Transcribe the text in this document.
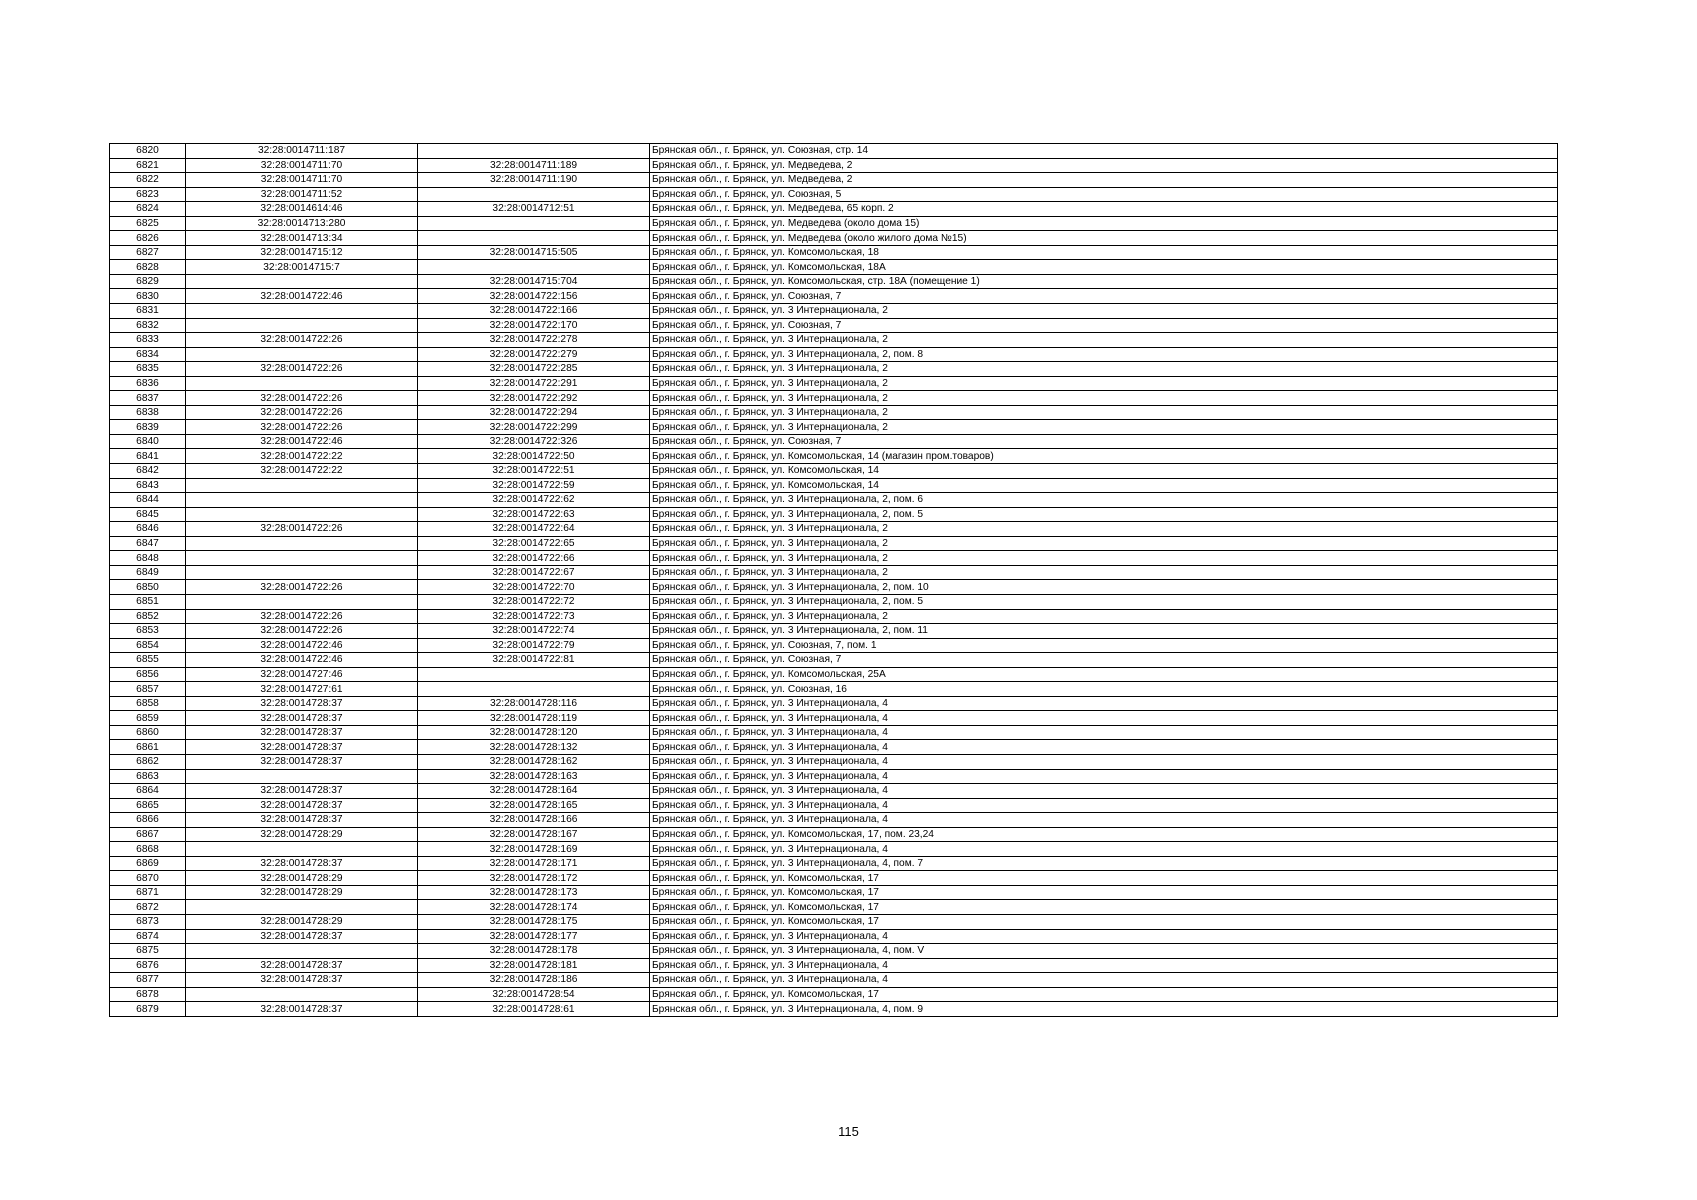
6820	32:28:0014711:187		Брянская обл., г. Брянск, ул. Союзная, стр. 14
6821	32:28:0014711:70	32:28:0014711:189	Брянская обл., г. Брянск, ул. Медведева, 2
6822	32:28:0014711:70	32:28:0014711:190	Брянская обл., г. Брянск, ул. Медведева, 2
6823	32:28:0014711:52		Брянская обл., г. Брянск, ул. Союзная, 5
6824	32:28:0014614:46	32:28:0014712:51	Брянская обл., г. Брянск, ул. Медведева, 65 корп. 2
6825	32:28:0014713:280		Брянская обл., г. Брянск, ул. Медведева (около дома 15)
6826	32:28:0014713:34		Брянская обл., г. Брянск, ул. Медведева (около жилого дома №15)
6827	32:28:0014715:12	32:28:0014715:505	Брянская обл., г. Брянск, ул. Комсомольская, 18
6828	32:28:0014715:7		Брянская обл., г. Брянск, ул. Комсомольская, 18А
6829		32:28:0014715:704	Брянская обл., г. Брянск, ул. Комсомольская, стр. 18А (помещение 1)
6830	32:28:0014722:46	32:28:0014722:156	Брянская обл., г. Брянск, ул. Союзная, 7
6831		32:28:0014722:166	Брянская обл., г. Брянск, ул. 3 Интернационала, 2
6832		32:28:0014722:170	Брянская обл., г. Брянск, ул. Союзная, 7
6833	32:28:0014722:26	32:28:0014722:278	Брянская обл., г. Брянск, ул. 3 Интернационала, 2
6834		32:28:0014722:279	Брянская обл., г. Брянск, ул. 3 Интернационала, 2, пом. 8
6835	32:28:0014722:26	32:28:0014722:285	Брянская обл., г. Брянск, ул. 3 Интернационала, 2
6836		32:28:0014722:291	Брянская обл., г. Брянск, ул. 3 Интернационала, 2
6837	32:28:0014722:26	32:28:0014722:292	Брянская обл., г. Брянск, ул. 3 Интернационала, 2
6838	32:28:0014722:26	32:28:0014722:294	Брянская обл., г. Брянск, ул. 3 Интернационала, 2
6839	32:28:0014722:26	32:28:0014722:299	Брянская обл., г. Брянск, ул. 3 Интернационала, 2
6840	32:28:0014722:46	32:28:0014722:326	Брянская обл., г. Брянск, ул. Союзная, 7
6841	32:28:0014722:22	32:28:0014722:50	Брянская обл., г. Брянск, ул. Комсомольская, 14 (магазин пром.товаров)
6842	32:28:0014722:22	32:28:0014722:51	Брянская обл., г. Брянск, ул. Комсомольская, 14
6843		32:28:0014722:59	Брянская обл., г. Брянск, ул. Комсомольская, 14
6844		32:28:0014722:62	Брянская обл., г. Брянск, ул. 3 Интернационала, 2, пом. 6
6845		32:28:0014722:63	Брянская обл., г. Брянск, ул. 3 Интернационала, 2, пом. 5
6846	32:28:0014722:26	32:28:0014722:64	Брянская обл., г. Брянск, ул. 3 Интернационала, 2
6847		32:28:0014722:65	Брянская обл., г. Брянск, ул. 3 Интернационала, 2
6848		32:28:0014722:66	Брянская обл., г. Брянск, ул. 3 Интернационала, 2
6849		32:28:0014722:67	Брянская обл., г. Брянск, ул. 3 Интернационала, 2
6850	32:28:0014722:26	32:28:0014722:70	Брянская обл., г. Брянск, ул. 3 Интернационала, 2, пом. 10
6851		32:28:0014722:72	Брянская обл., г. Брянск, ул. 3 Интернационала, 2, пом. 5
6852	32:28:0014722:26	32:28:0014722:73	Брянская обл., г. Брянск, ул. 3 Интернационала, 2
6853	32:28:0014722:26	32:28:0014722:74	Брянская обл., г. Брянск, ул. 3 Интернационала, 2, пом. 11
6854	32:28:0014722:46	32:28:0014722:79	Брянская обл., г. Брянск, ул. Союзная, 7, пом. 1
6855	32:28:0014722:46	32:28:0014722:81	Брянская обл., г. Брянск, ул. Союзная, 7
6856	32:28:0014727:46		Брянская обл., г. Брянск, ул. Комсомольская, 25А
6857	32:28:0014727:61		Брянская обл., г. Брянск, ул. Союзная, 16
6858	32:28:0014728:37	32:28:0014728:116	Брянская обл., г. Брянск, ул. 3 Интернационала, 4
6859	32:28:0014728:37	32:28:0014728:119	Брянская обл., г. Брянск, ул. 3 Интернационала, 4
6860	32:28:0014728:37	32:28:0014728:120	Брянская обл., г. Брянск, ул. 3 Интернационала, 4
6861	32:28:0014728:37	32:28:0014728:132	Брянская обл., г. Брянск, ул. 3 Интернационала, 4
6862	32:28:0014728:37	32:28:0014728:162	Брянская обл., г. Брянск, ул. 3 Интернационала, 4
6863		32:28:0014728:163	Брянская обл., г. Брянск, ул. 3 Интернационала, 4
6864	32:28:0014728:37	32:28:0014728:164	Брянская обл., г. Брянск, ул. 3 Интернационала, 4
6865	32:28:0014728:37	32:28:0014728:165	Брянская обл., г. Брянск, ул. 3 Интернационала, 4
6866	32:28:0014728:37	32:28:0014728:166	Брянская обл., г. Брянск, ул. 3 Интернационала, 4
6867	32:28:0014728:29	32:28:0014728:167	Брянская обл., г. Брянск, ул. Комсомольская, 17, пом. 23,24
6868		32:28:0014728:169	Брянская обл., г. Брянск, ул. 3 Интернационала, 4
6869	32:28:0014728:37	32:28:0014728:171	Брянская обл., г. Брянск, ул. 3 Интернационала, 4, пом. 7
6870	32:28:0014728:29	32:28:0014728:172	Брянская обл., г. Брянск, ул. Комсомольская, 17
6871	32:28:0014728:29	32:28:0014728:173	Брянская обл., г. Брянск, ул. Комсомольская, 17
6872		32:28:0014728:174	Брянская обл., г. Брянск, ул. Комсомольская, 17
6873	32:28:0014728:29	32:28:0014728:175	Брянская обл., г. Брянск, ул. Комсомольская, 17
6874	32:28:0014728:37	32:28:0014728:177	Брянская обл., г. Брянск, ул. 3 Интернационала, 4
6875		32:28:0014728:178	Брянская обл., г. Брянск, ул. 3 Интернационала, 4, пом. V
6876	32:28:0014728:37	32:28:0014728:181	Брянская обл., г. Брянск, ул. 3 Интернационала, 4
6877	32:28:0014728:37	32:28:0014728:186	Брянская обл., г. Брянск, ул. 3 Интернационала, 4
6878		32:28:0014728:54	Брянская обл., г. Брянск, ул. Комсомольская, 17
6879	32:28:0014728:37	32:28:0014728:61	Брянская обл., г. Брянск, ул. 3 Интернационала, 4, пом. 9
115
